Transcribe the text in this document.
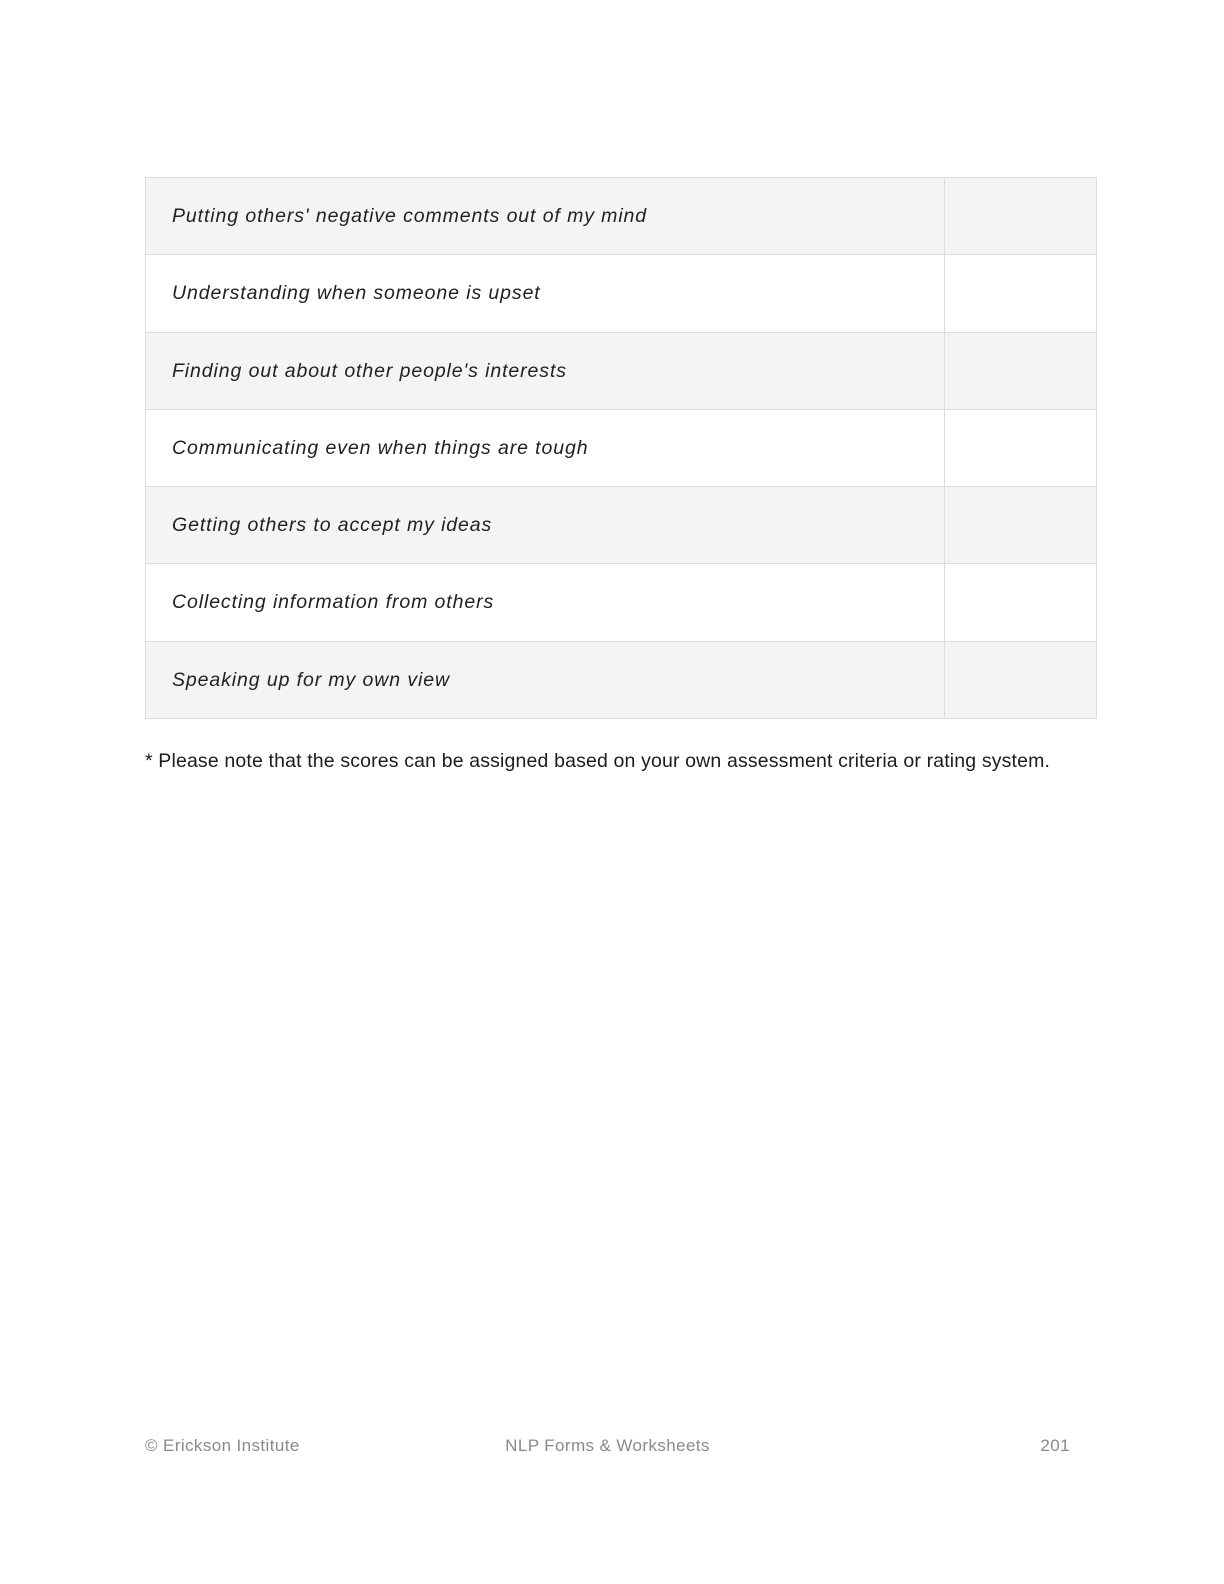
Putting others' negative comments out of my mind	
Understanding when someone is upset	
Finding out about other people's interests	
Communicating even when things are tough	
Getting others to accept my ideas	
Collecting information from others	
Speaking up for my own view	
* Please note that the scores can be assigned based on your own assessment criteria or rating system.
© Erickson Institute	NLP Forms & Worksheets	201
